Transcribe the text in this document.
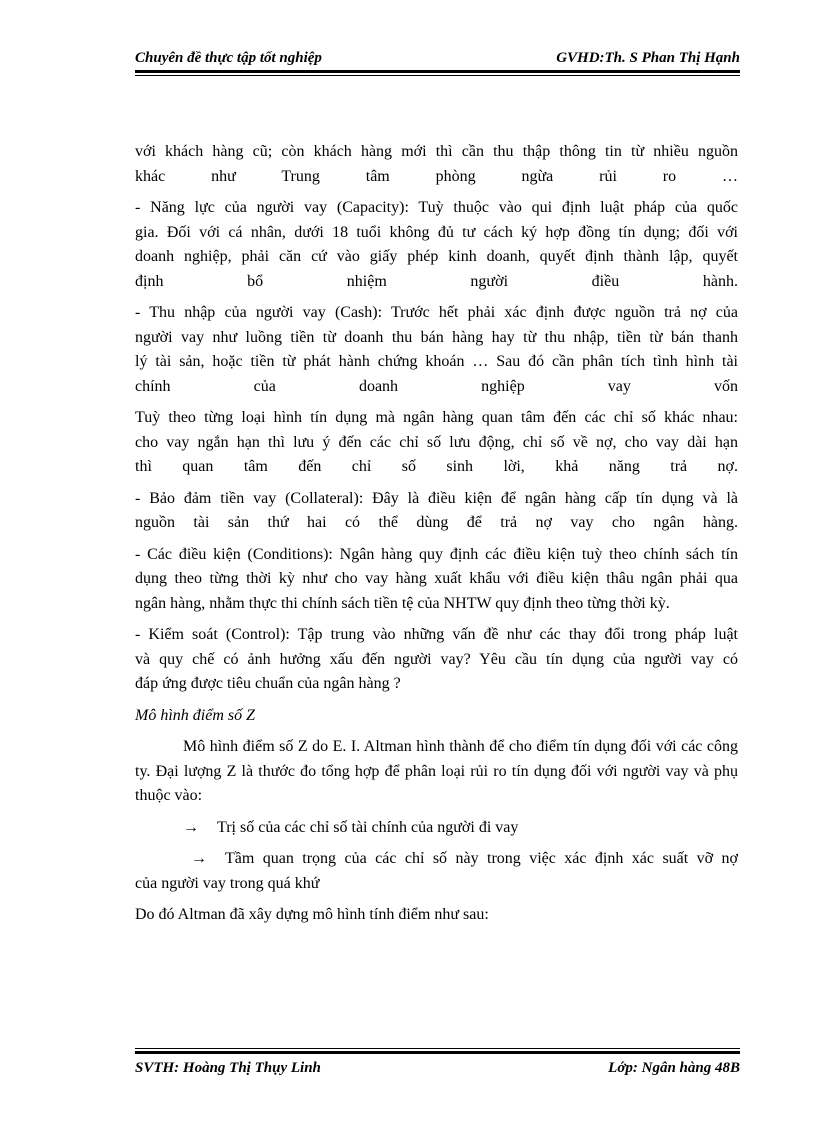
Chuyên đề thực tập tốt nghiệp	GVHD:Th. S Phan Thị Hạnh

với khách hàng cũ; còn khách hàng mới thì cần thu thập thông tin từ nhiều nguồn

khác như Trung tâm phòng ngừa rủi ro …

- Năng lực của người vay (Capacity): Tuỳ thuộc vào qui định luật pháp của quốc

gia. Đối với cá nhân, dưới 18 tuổi không đủ tư cách ký hợp đồng tín dụng; đối với

doanh nghiệp, phải căn cứ vào giấy phép kinh doanh, quyết định thành lập, quyết

định bổ nhiệm người điều hành.

- Thu nhập của người vay (Cash): Trước hết phải xác định được nguồn trả nợ của

người vay như luồng tiền từ doanh thu bán hàng hay từ thu nhập, tiền từ bán thanh

lý tài sản, hoặc tiền từ phát hành chứng khoán … Sau đó cần phân tích tình hình tài

chính của doanh nghiệp vay vốn

Tuỳ theo từng loại hình tín dụng mà ngân hàng quan tâm đến các chỉ số khác nhau:

cho vay ngắn hạn thì lưu ý đến các chỉ số lưu động, chỉ số về nợ, cho vay dài hạn

thì quan tâm đến chỉ số sinh lời, khả năng trả nợ.

- Bảo đảm tiền vay (Collateral): Đây là điều kiện để ngân hàng cấp tín dụng và là

nguồn tài sản thứ hai có thể dùng để trả nợ vay cho ngân hàng.

- Các điều kiện (Conditions): Ngân hàng quy định các điều kiện tuỳ theo chính sách tín

dụng theo từng thời kỳ như cho vay hàng xuất khẩu với điều kiện thâu ngân phải qua

ngân hàng, nhằm thực thi chính sách tiền tệ của NHTW quy định theo từng thời kỳ.

- Kiểm soát (Control): Tập trung vào những vấn đề như các thay đổi trong pháp luật

và quy chế có ảnh hưởng xấu đến người vay? Yêu cầu tín dụng của người vay có

đáp ứng được tiêu chuẩn của ngân hàng ?

Mô hình điểm số Z

Mô hình điểm số Z do E. I. Altman hình thành để cho điểm tín dụng đối với các công ty. Đại lượng Z là thước đo tổng hợp để phân loại rủi ro tín dụng đối với người vay và phụ thuộc vào:

→ Trị số của các chỉ số tài chính của người đi vay

→ Tầm quan trọng của các chỉ số này trong việc xác định xác suất vỡ nợ

của người vay trong quá khứ

Do đó Altman đã xây dựng mô hình tính điểm như sau:

SVTH: Hoàng Thị Thụy Linh	Lớp: Ngân hàng 48B
